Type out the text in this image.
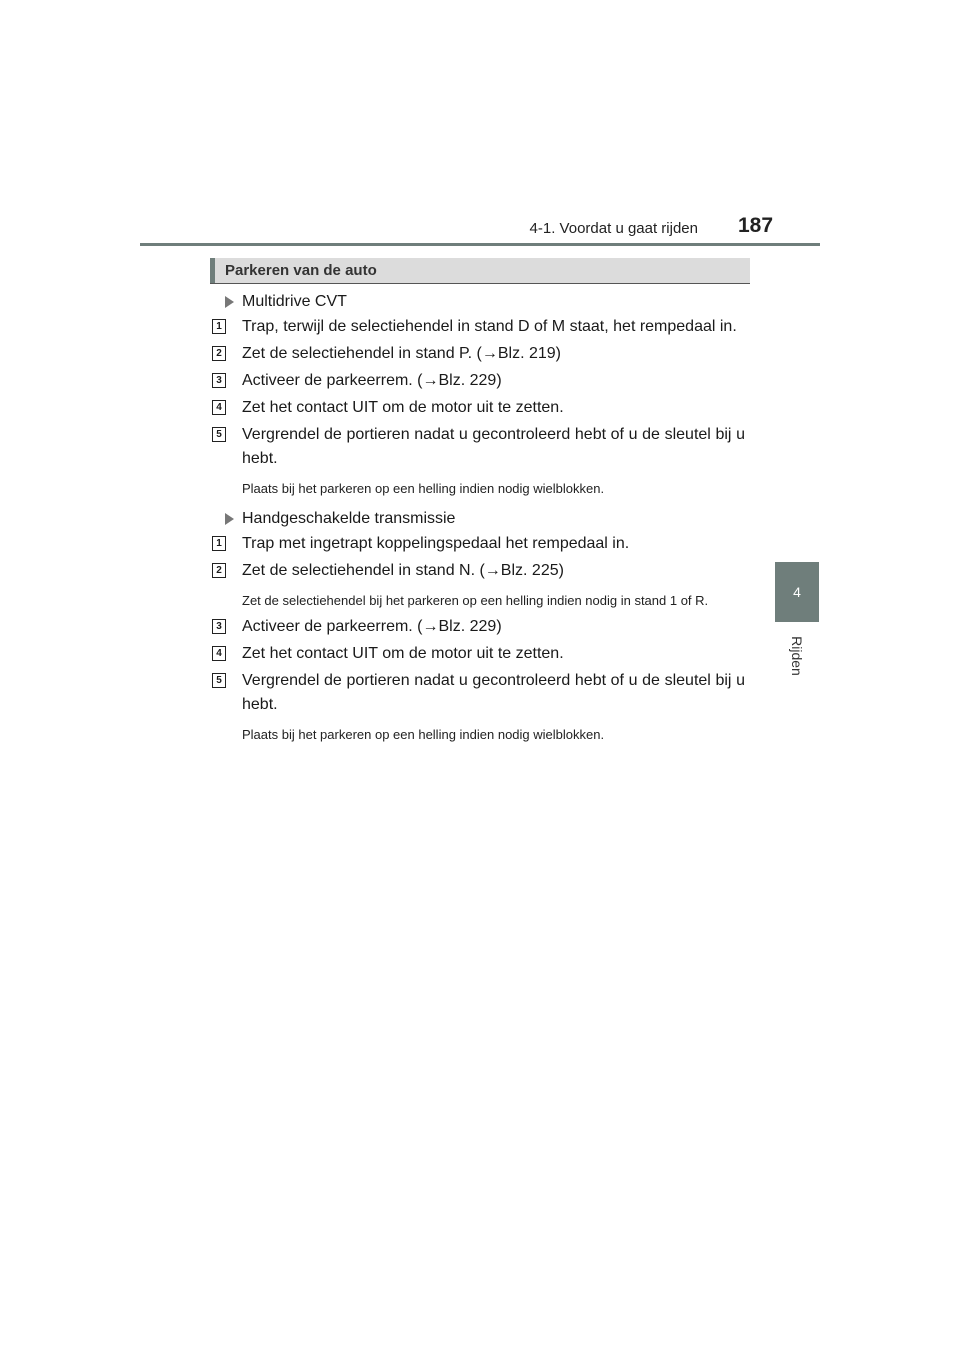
4-1. Voordat u gaat rijden 187
4
Rijden
Parkeren van de auto
Multidrive CVT
1 Trap, terwijl de selectiehendel in stand D of M staat, het rempedaal in.
2 Zet de selectiehendel in stand P. (→Blz. 219)
3 Activeer de parkeerrem. (→Blz. 229)
4 Zet het contact UIT om de motor uit te zetten.
5 Vergrendel de portieren nadat u gecontroleerd hebt of u de sleutel bij u hebt.
Plaats bij het parkeren op een helling indien nodig wielblokken.
Handgeschakelde transmissie
1 Trap met ingetrapt koppelingspedaal het rempedaal in.
2 Zet de selectiehendel in stand N. (→Blz. 225)
Zet de selectiehendel bij het parkeren op een helling indien nodig in stand 1 of R.
3 Activeer de parkeerrem. (→Blz. 229)
4 Zet het contact UIT om de motor uit te zetten.
5 Vergrendel de portieren nadat u gecontroleerd hebt of u de sleutel bij u hebt.
Plaats bij het parkeren op een helling indien nodig wielblokken.
